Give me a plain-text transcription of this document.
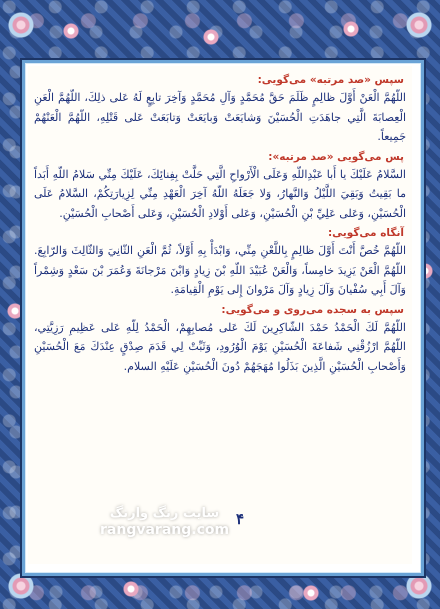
سپس «صد مرتبه» می‌گویی:

اللّهُمَّ الْعَنْ أَوَّلَ ظالِمٍ ظَلَمَ حَقَّ مُحَمَّدٍ وَآلِ مُحَمَّدٍ وَآخِرَ تابِعٍ لَهُ عَلى ذلِكَ، اللّهُمَّ الْعَنِ الْعِصابَةَ الَّتِي جاهَدَتِ الْحُسَيْنَ وَشايَعَتْ وَبايَعَتْ وَتابَعَتْ عَلى قَتْلِهِ، اللّهُمَّ الْعَنْهُمْ جَمِيعاً.

پس می‌گویی «صد مرتبه»:

السَّلامُ عَلَيْكَ يا أَبا عَبْدِاللّهِ وَعَلَى الْأَرْواحِ الَّتِي حَلَّتْ بِفِنائِكَ، عَلَيْكَ مِنِّي سَلامُ اللّهِ أَبَداً ما بَقِيتُ وَبَقِيَ اللَّيْلُ وَالنَّهارُ، وَلا جَعَلَهُ اللّهُ آخِرَ الْعَهْدِ مِنِّي لِزِيارَتِكُمْ، السَّلامُ عَلَى الْحُسَيْنِ، وَعَلى عَلِيِّ بْنِ الْحُسَيْنِ، وَعَلى أَوْلادِ الْحُسَيْنِ، وَعَلى أَصْحابِ الْحُسَيْنِ.

آنگاه می‌گویی:

اللّهُمَّ خُصَّ أَنْتَ أَوَّلَ ظالِمٍ بِاللَّعْنِ مِنِّي، وَابْدَأْ بِهِ أَوَّلاً، ثُمَّ الْعَنِ الثّانِيَ وَالثّالِثَ وَالرّابِعَ. اللّهُمَّ الْعَنْ يَزِيدَ خامِساً، وَالْعَنْ عُبَيْدَ اللّهِ بْنَ زِيادٍ وَابْنَ مَرْجانَةَ وَعُمَرَ بْنَ سَعْدٍ وَشِمْراً وَآلَ أَبِي سُفْيانَ وَآلَ زِيادٍ وَآلَ مَرْوانَ إِلى يَوْمِ الْقِيامَةِ.

سپس به سجده می‌روی و می‌گویی:

اللّهُمَّ لَكَ الْحَمْدُ حَمْدَ الشّاكِرِينَ لَكَ عَلى مُصابِهِمْ، الْحَمْدُ لِلّهِ عَلى عَظِيمِ رَزِيَّتِي، اللّهُمَّ ارْزُقْنِي شَفاعَةَ الْحُسَيْنِ يَوْمَ الْوُرُودِ، وَثَبِّتْ لِي قَدَمَ صِدْقٍ عِنْدَكَ مَعَ الْحُسَيْنِ وَأَصْحابِ الْحُسَيْنِ الَّذِينَ بَذَلُوا مُهَجَهُمْ دُونَ الْحُسَيْنِ عَلَيْهِ السلام.

۴
سایت رنگ وارنگ
rangvarang.com
